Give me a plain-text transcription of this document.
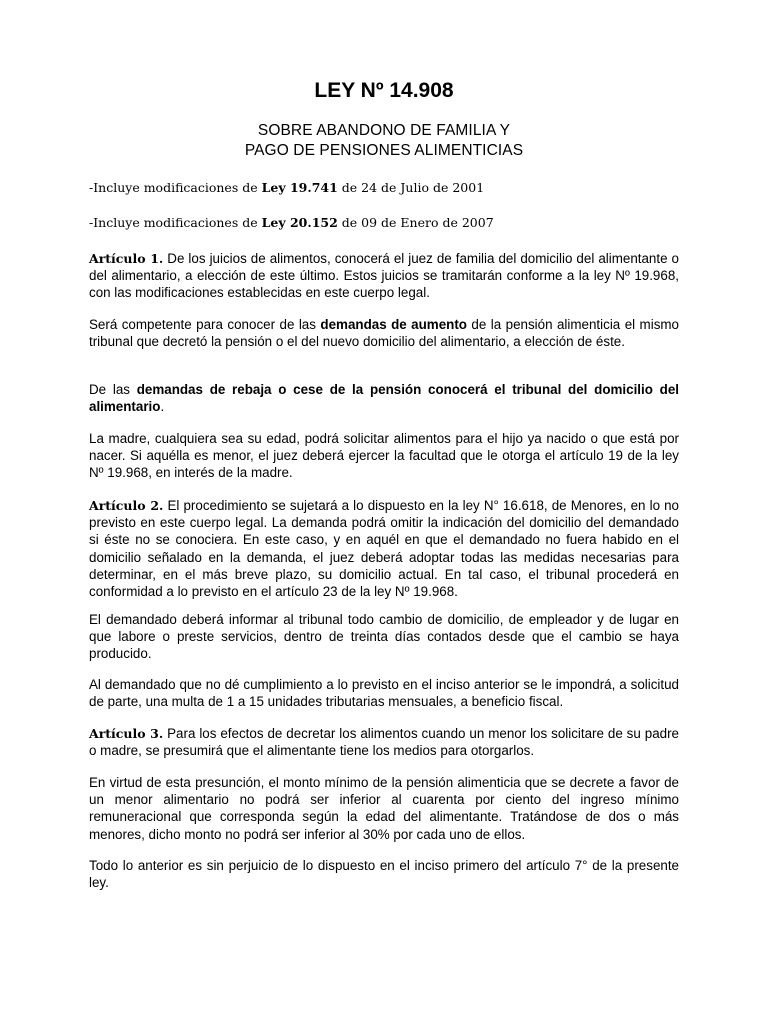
LEY Nº 14.908
SOBRE ABANDONO DE FAMILIA Y
PAGO DE PENSIONES ALIMENTICIAS
-Incluye modificaciones de Ley 19.741 de 24 de Julio de 2001
-Incluye modificaciones de Ley 20.152 de 09 de Enero de 2007
Artículo 1. De los juicios de alimentos, conocerá el juez de familia del domicilio del alimentante o del alimentario, a elección de este último. Estos juicios se tramitarán conforme a la ley Nº 19.968, con las modificaciones establecidas en este cuerpo legal.
Será competente para conocer de las demandas de aumento de la pensión alimenticia el mismo tribunal que decretó la pensión o el del nuevo domicilio del alimentario, a elección de éste.
De las demandas de rebaja o cese de la pensión conocerá el tribunal del domicilio del alimentario.
La madre, cualquiera sea su edad, podrá solicitar alimentos para el hijo ya nacido o que está por nacer. Si aquélla es menor, el juez deberá ejercer la facultad que le otorga el artículo 19 de la ley Nº 19.968, en interés de la madre.
Artículo 2. El procedimiento se sujetará a lo dispuesto en la ley N° 16.618, de Menores, en lo no previsto en este cuerpo legal. La demanda podrá omitir la indicación del domicilio del demandado si éste no se conociera. En este caso, y en aquél en que el demandado no fuera habido en el domicilio señalado en la demanda, el juez deberá adoptar todas las medidas necesarias para determinar, en el más breve plazo, su domicilio actual. En tal caso, el tribunal procederá en conformidad a lo previsto en el artículo 23 de la ley Nº 19.968.
El demandado deberá informar al tribunal todo cambio de domicilio, de empleador y de lugar en que labore o preste servicios, dentro de treinta días contados desde que el cambio se haya producido.
Al demandado que no dé cumplimiento a lo previsto en el inciso anterior se le impondrá, a solicitud de parte, una multa de 1 a 15 unidades tributarias mensuales, a beneficio fiscal.
Artículo 3. Para los efectos de decretar los alimentos cuando un menor los solicitare de su padre o madre, se presumirá que el alimentante tiene los medios para otorgarlos.
En virtud de esta presunción, el monto mínimo de la pensión alimenticia que se decrete a favor de un menor alimentario no podrá ser inferior al cuarenta por ciento del ingreso mínimo remuneracional que corresponda según la edad del alimentante. Tratándose de dos o más menores, dicho monto no podrá ser inferior al 30% por cada uno de ellos.
Todo lo anterior es sin perjuicio de lo dispuesto en el inciso primero del artículo 7° de la presente ley.
